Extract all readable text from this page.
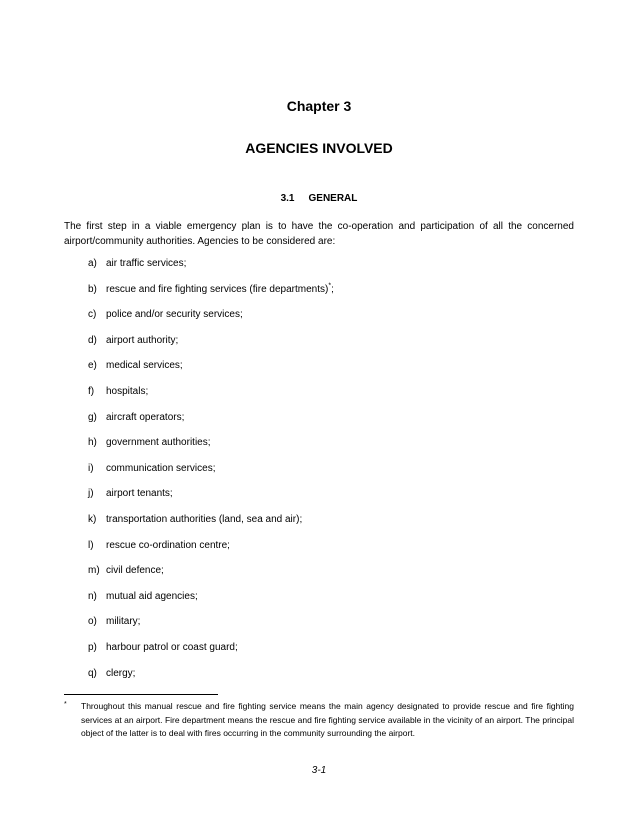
Chapter 3
AGENCIES INVOLVED
3.1 GENERAL

The first step in a viable emergency plan is to have the co-operation and participation of all the concerned airport/community authorities. Agencies to be considered are:

a) air traffic services;
b) rescue and fire fighting services (fire departments)*;
c) police and/or security services;
d) airport authority;
e) medical services;
f) hospitals;
g) aircraft operators;
h) government authorities;
i) communication services;
j) airport tenants;
k) transportation authorities (land, sea and air);
l) rescue co-ordination centre;
m) civil defence;
n) mutual aid agencies;
o) military;
p) harbour patrol or coast guard;
q) clergy;
* Throughout this manual rescue and fire fighting service means the main agency designated to provide rescue and fire fighting services at an airport. Fire department means the rescue and fire fighting service available in the vicinity of an airport. The principal object of the latter is to deal with fires occurring in the community surrounding the airport.
3-1
